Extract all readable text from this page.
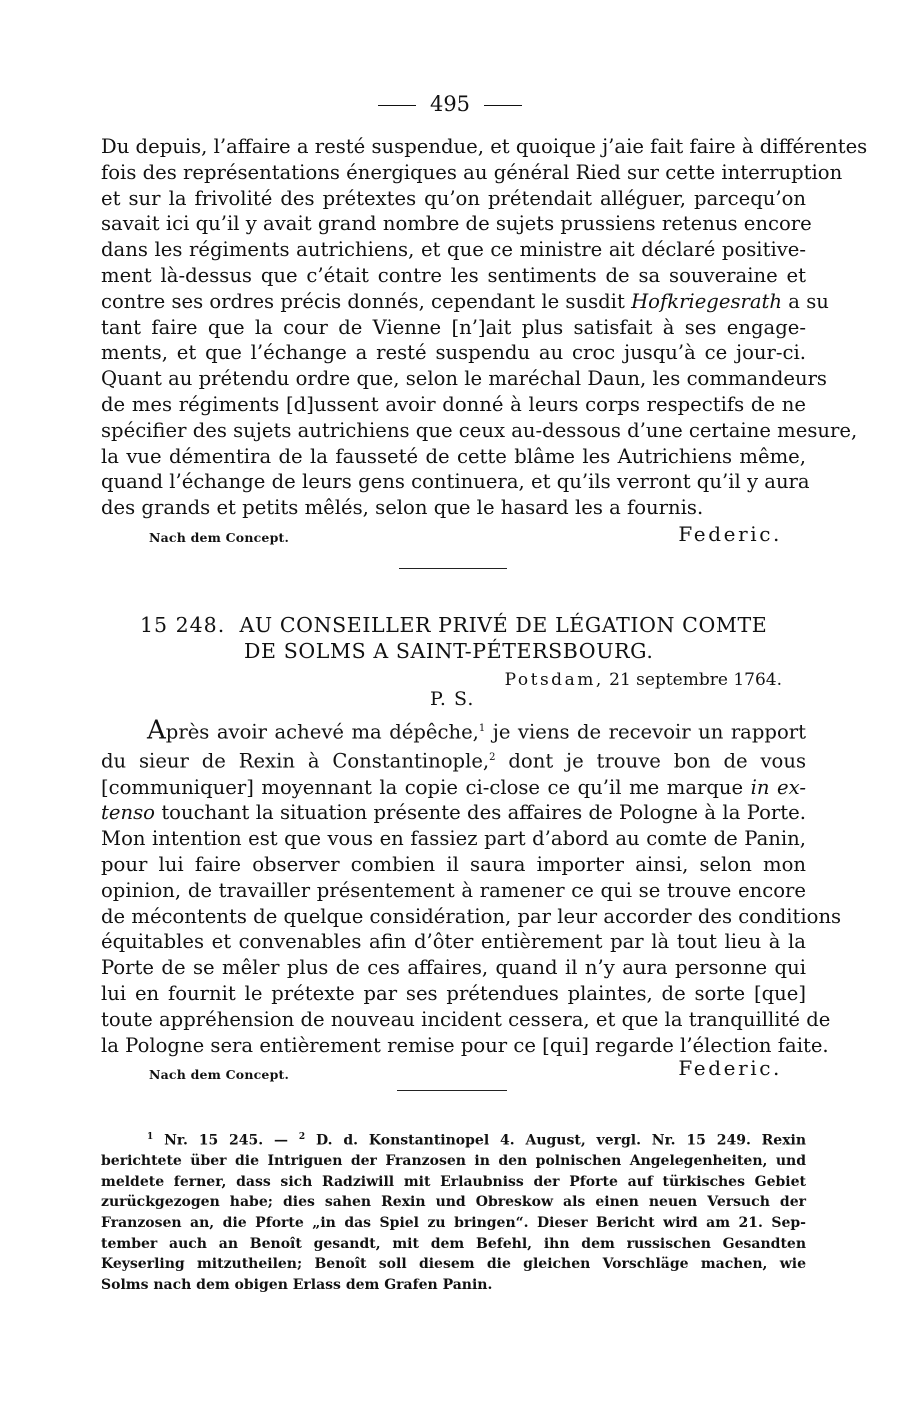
495
Du depuis, l’affaire a resté suspendue, et quoique j’aie fait faire à différentes
fois des représentations énergiques au général Ried sur cette interruption
et sur la frivolité des prétextes qu’on prétendait alléguer, parcequ’on
savait ici qu’il y avait grand nombre de sujets prussiens retenus encore
dans les régiments autrichiens, et que ce ministre ait déclaré positive-
ment là-dessus que c’était contre les sentiments de sa souveraine et
contre ses ordres précis donnés, cependant le susdit Hofkriegesrath a su
tant faire que la cour de Vienne [n’]ait plus satisfait à ses engage-
ments, et que l’échange a resté suspendu au croc jusqu’à ce jour-ci.
Quant au prétendu ordre que, selon le maréchal Daun, les commandeurs
de mes régiments [d]ussent avoir donné à leurs corps respectifs de ne
spécifier des sujets autrichiens que ceux au-dessous d’une certaine mesure,
la vue démentira de la fausseté de cette blâme les Autrichiens même,
quand l’échange de leurs gens continuera, et qu’ils verront qu’il y aura
des grands et petits mêlés, selon que le hasard les a fournis.
Nach dem Concept.	Federic.
15 248. AU CONSEILLER PRIVÉ DE LÉGATION COMTE
DE SOLMS A SAINT-PÉTERSBOURG.
Potsdam, 21 septembre 1764.
P. S.
Après avoir achevé ma dépêche,$^1$ je viens de recevoir un rapport
du sieur de Rexin à Constantinople,$^2$ dont je trouve bon de vous
[communiquer] moyennant la copie ci-close ce qu’il me marque in ex-
tenso touchant la situation présente des affaires de Pologne à la Porte.
Mon intention est que vous en fassiez part d’abord au comte de Panin,
pour lui faire observer combien il saura importer ainsi, selon mon
opinion, de travailler présentement à ramener ce qui se trouve encore
de mécontents de quelque considération, par leur accorder des conditions
équitables et convenables afin d’ôter entièrement par là tout lieu à la
Porte de se mêler plus de ces affaires, quand il n’y aura personne qui
lui en fournit le prétexte par ses prétendues plaintes, de sorte [que]
toute appréhension de nouveau incident cessera, et que la tranquillité de
la Pologne sera entièrement remise pour ce [qui] regarde l’élection faite.
Nach dem Concept.	Federic.
$^1$ Nr. 15 245. — $^2$ D. d. Konstantinopel 4. August, vergl. Nr. 15 249. Rexin
berichtete über die Intriguen der Franzosen in den polnischen Angelegenheiten, und
meldete ferner, dass sich Radziwill mit Erlaubniss der Pforte auf türkisches Gebiet
zurückgezogen habe; dies sahen Rexin und Obreskow als einen neuen Versuch der
Franzosen an, die Pforte „in das Spiel zu bringen“. Dieser Bericht wird am 21. Sep-
tember auch an Benoît gesandt, mit dem Befehl, ihn dem russischen Gesandten
Keyserling mitzutheilen; Benoît soll diesem die gleichen Vorschläge machen, wie
Solms nach dem obigen Erlass dem Grafen Panin.
